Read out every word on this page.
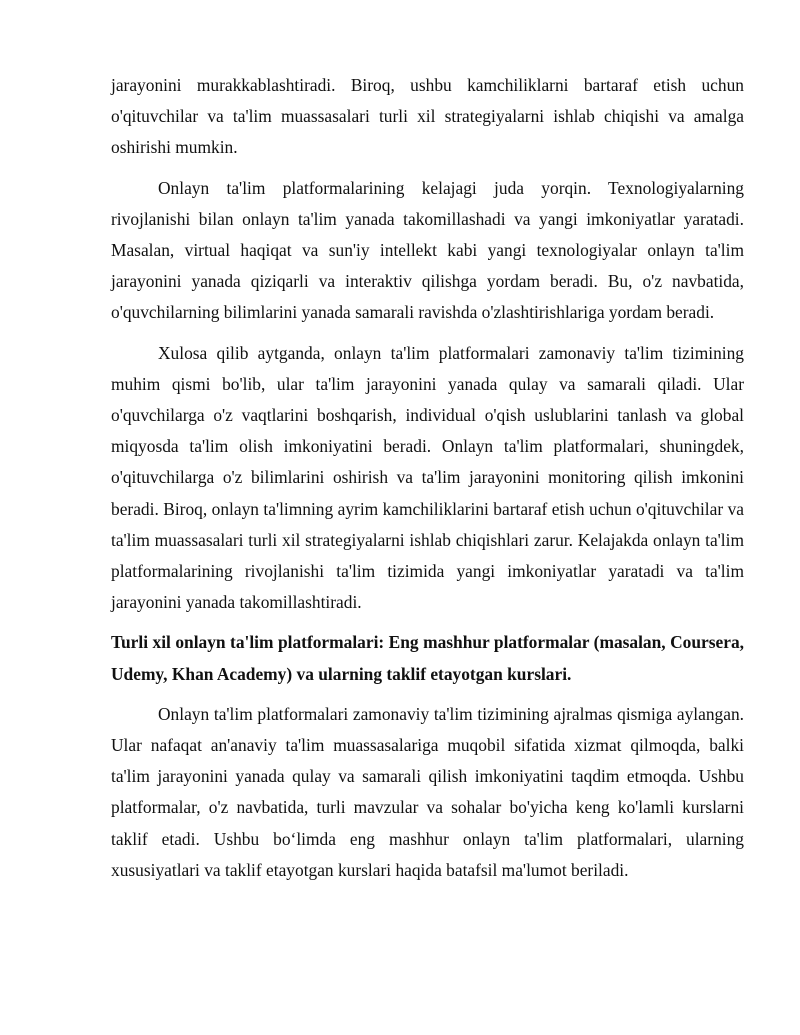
jarayonini murakkablashtiradi. Biroq, ushbu kamchiliklarni bartaraf etish uchun o'qituvchilar va ta'lim muassasalari turli xil strategiyalarni ishlab chiqishi va amalga oshirishi mumkin.

Onlayn ta'lim platformalarining kelajagi juda yorqin. Texnologiyalarning rivojlanishi bilan onlayn ta'lim yanada takomillashadi va yangi imkoniyatlar yaratadi. Masalan, virtual haqiqat va sun'iy intellekt kabi yangi texnologiyalar onlayn ta'lim jarayonini yanada qiziqarli va interaktiv qilishga yordam beradi. Bu, o'z navbatida, o'quvchilarning bilimlarini yanada samarali ravishda o'zlashtirishlariga yordam beradi.

Xulosa qilib aytganda, onlayn ta'lim platformalari zamonaviy ta'lim tizimining muhim qismi bo'lib, ular ta'lim jarayonini yanada qulay va samarali qiladi. Ular o'quvchilarga o'z vaqtlarini boshqarish, individual o'qish uslublarini tanlash va global miqyosda ta'lim olish imkoniyatini beradi. Onlayn ta'lim platformalari, shuningdek, o'qituvchilarga o'z bilimlarini oshirish va ta'lim jarayonini monitoring qilish imkonini beradi. Biroq, onlayn ta'limning ayrim kamchiliklarini bartaraf etish uchun o'qituvchilar va ta'lim muassasalari turli xil strategiyalarni ishlab chiqishlari zarur. Kelajakda onlayn ta'lim platformalarining rivojlanishi ta'lim tizimida yangi imkoniyatlar yaratadi va ta'lim jarayonini yanada takomillashtiradi.

Turli xil onlayn ta'lim platformalari: Eng mashhur platformalar (masalan, Coursera, Udemy, Khan Academy) va ularning taklif etayotgan kurslari.

Onlayn ta'lim platformalari zamonaviy ta'lim tizimining ajralmas qismiga aylangan. Ular nafaqat an'anaviy ta'lim muassasalariga muqobil sifatida xizmat qilmoqda, balki ta'lim jarayonini yanada qulay va samarali qilish imkoniyatini taqdim etmoqda. Ushbu platformalar, o'z navbatida, turli mavzular va sohalar bo'yicha keng ko'lamli kurslarni taklif etadi. Ushbu bo‘limda eng mashhur onlayn ta'lim platformalari, ularning xususiyatlari va taklif etayotgan kurslari haqida batafsil ma'lumot beriladi.
